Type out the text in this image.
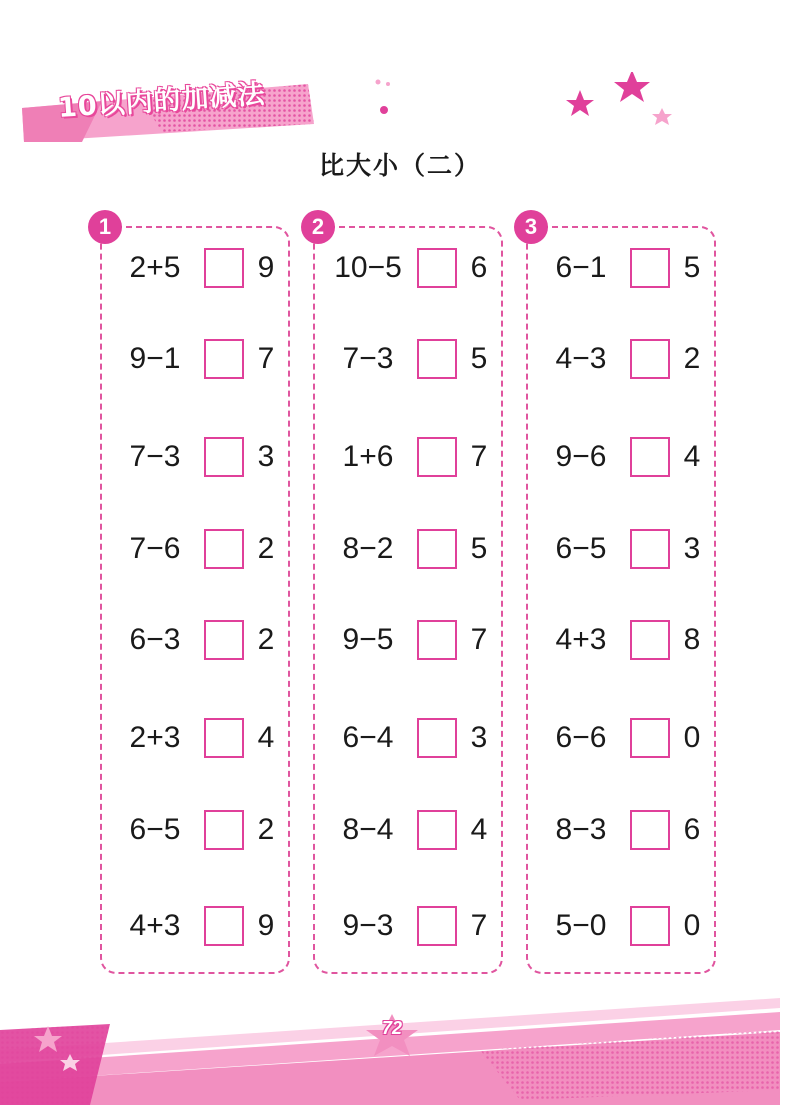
10以内的加减法
比大小（二）
1	2	3
2+5	9
9−1	7
7−3	3
7−6	2
6−3	2
2+3	4
6−5	2
4+3	9
10−5	6
7−3	5
1+6	7
8−2	5
9−5	7
6−4	3
8−4	4
9−3	7
6−1	5
4−3	2
9−6	4
6−5	3
4+3	8
6−6	0
8−3	6
5−0	0
72
